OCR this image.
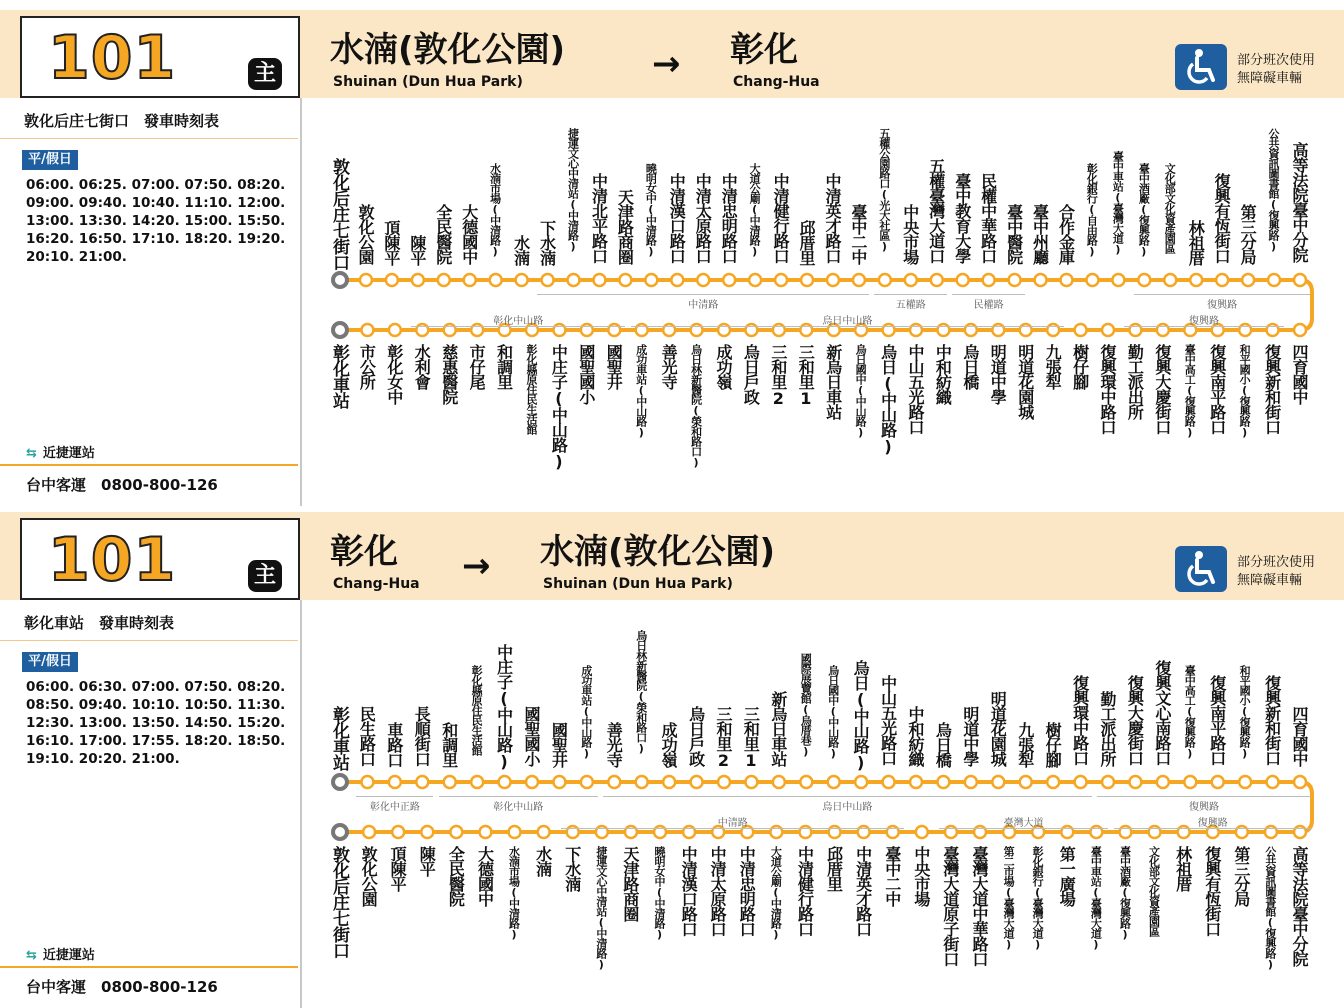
101	主
水湳(敦化公園)
Shuinan (Dun Hua Park)	→ 彰化
Chang-Hua
部分班次使用
無障礙車輛
敦化后庄七街口　發車時刻表
平/假日
06:00. 06:25. 07:00. 07:50. 08:20. 09:00. 09:40. 10:40. 11:10. 12:00. 13:00. 13:30. 14:20. 15:00. 15:50. 16:20. 16:50. 17:10. 18:20. 19:20. 20:10. 21:00.
⇆ 近捷運站
台中客運　0800-800-126
敦化后庄七街口 敦化公園 頂陳平 陳平 全民醫院 大德國中 水湳市場(中清路) 水湳 下水湳 捷運文心中清站(中清路) 中清北平路口 天津路商圈 曉明女中(中清路) 中清漢口路口 中清太原路口 中清忠明路口 大道公廟(中清路) 中清健行路口 邱厝里 中清英才路口 臺中二中 五權公園路口(光大社區) 中央市場 五權臺灣大道口 臺中教育大學 民權中華路口 臺中醫院 臺中州廳 合作金庫 彰化銀行(自由路) 臺中車站(臺灣大道) 臺中酒廠(復興路) 文化部文化資產園區 林祖厝 復興有恆街口 第三分局 公共資訊圖書館(復興路) 高等法院臺中分院
中清路	五權路	民權路	復興路
彰化車站 市公所 彰化女中 水利會 慈惠醫院 市仔尾 和調里 彰化縣原住民生活館 中庄子(中山路) 國聖國小 國聖井 成功車站(中山路) 善光寺 烏日林新醫院(榮和路口) 成功嶺 烏日戶政 三和里2 三和里1 新烏日車站 烏日國中(中山路) 烏日(中山路) 中山五光路口 中和紡織 烏日橋 明道中學 明道花園城 九張犁 樹仔腳 復興環中路口 勤工派出所 復興大慶街口 臺中高工(復興路) 復興南平路口 和平國小(復興路) 復興新和街口 四育國中
彰化中山路	烏日中山路	復興路
101	主
彰化
Chang-Hua → 水湳(敦化公園)
Shuinan (Dun Hua Park)
部分班次使用
無障礙車輛
彰化車站　發車時刻表
平/假日
06:00. 06:30. 07:00. 07:50. 08:20. 08:50. 09:40. 10:10. 10:50. 11:30. 12:30. 13:00. 13:50. 14:50. 15:20. 16:10. 17:00. 17:55. 18:20. 18:50. 19:10. 20:20. 21:00.
⇆ 近捷運站
台中客運　0800-800-126
彰化車站 民生路口 車路口 長順街口 和調里 彰化縣原住民生活館 中庄子(中山路) 國聖國小 國聖井 成功車站(中山路) 善光寺 烏日林新醫院(榮和路口) 成功嶺 烏日戶政 三和里2 三和里1 新烏日車站 國際展覽館(烏厝巷) 烏日國中(中山路) 烏日(中山路) 中山五光路口 中和紡織 烏日橋 明道中學 明道花園城 九張犁 樹仔腳 復興環中路口 勤工派出所 復興大慶街口 復興文心南路口 臺中高工(復興路) 復興南平路口 和平國小(復興路) 復興新和街口 四育國中
彰化中正路	彰化中山路	烏日中山路	復興路
敦化后庄七街口 敦化公園 頂陳平 陳平 全民醫院 大德國中 水湳市場(中清路) 水湳 下水湳 捷運文心中清站(中清路) 天津路商圈 曉明女中(中清路) 中清漢口路口 中清太原路口 中清忠明路口 大道公廟(中清路) 中清健行路口 邱厝里 中清英才路口 臺中二中 中央市場 臺灣大道原子街口 臺灣大道中華路口 第二市場(臺灣大道) 彰化銀行(臺灣大道) 第一廣場 臺中車站(臺灣大道) 臺中酒廠(復興路) 文化部文化資產園區 林祖厝 復興有恆街口 第三分局 公共資訊圖書館(復興路) 高等法院臺中分院
中清路	臺灣大道	復興路
